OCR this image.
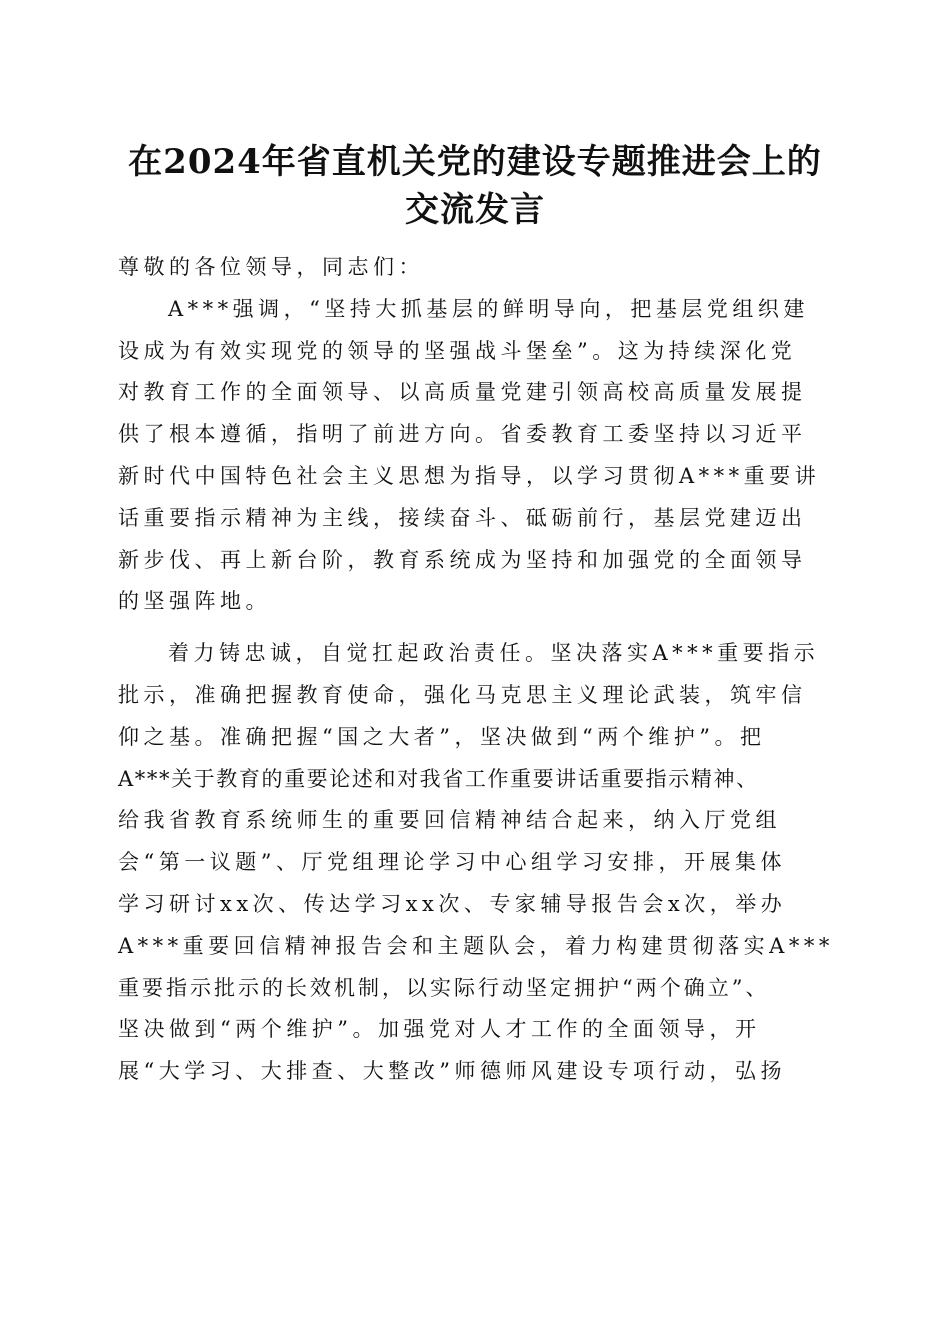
在2024年省直机关党的建设专题推进会上的
交流发言
尊敬的各位领导，同志们：
A***强调，“坚持大抓基层的鲜明导向，把基层党组织建
设成为有效实现党的领导的坚强战斗堡垒”。这为持续深化党
对教育工作的全面领导、以高质量党建引领高校高质量发展提
供了根本遵循，指明了前进方向。省委教育工委坚持以习近平
新时代中国特色社会主义思想为指导，以学习贯彻A***重要讲
话重要指示精神为主线，接续奋斗、砥砺前行，基层党建迈出
新步伐、再上新台阶，教育系统成为坚持和加强党的全面领导
的坚强阵地。
着力铸忠诚，自觉扛起政治责任。坚决落实A***重要指示
批示，准确把握教育使命，强化马克思主义理论武装，筑牢信
仰之基。准确把握“国之大者”，坚决做到“两个维护”。把
A***关于教育的重要论述和对我省工作重要讲话重要指示精神、
给我省教育系统师生的重要回信精神结合起来，纳入厅党组
会“第一议题”、厅党组理论学习中心组学习安排，开展集体
学习研讨xx次、传达学习xx次、专家辅导报告会x次，举办
A***重要回信精神报告会和主题队会，着力构建贯彻落实A***
重要指示批示的长效机制，以实际行动坚定拥护“两个确立”、
坚决做到“两个维护”。加强党对人才工作的全面领导，开
展“大学习、大排查、大整改”师德师风建设专项行动，弘扬
